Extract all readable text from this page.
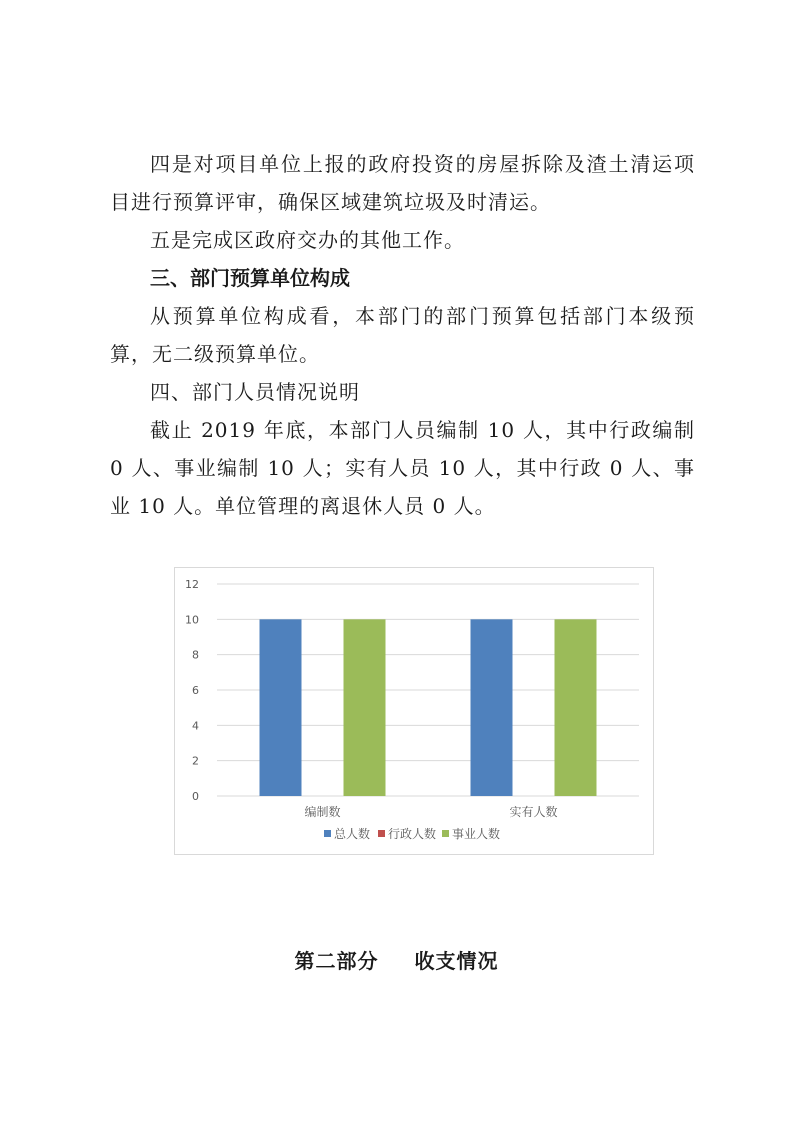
四是对项目单位上报的政府投资的房屋拆除及渣土清运项目进行预算评审，确保区域建筑垃圾及时清运。

五是完成区政府交办的其他工作。

三、部门预算单位构成

从预算单位构成看，本部门的部门预算包括部门本级预算，无二级预算单位。

四、部门人员情况说明

截止 2019 年底，本部门人员编制 10 人，其中行政编制 0 人、事业编制 10 人；实有人员 10 人，其中行政 0 人、事业 10 人。单位管理的离退休人员 0 人。

0
2
4
6
8
10
12
编制数	实有人数
总人数 行政人数 事业人数
第二部分 收支情况
